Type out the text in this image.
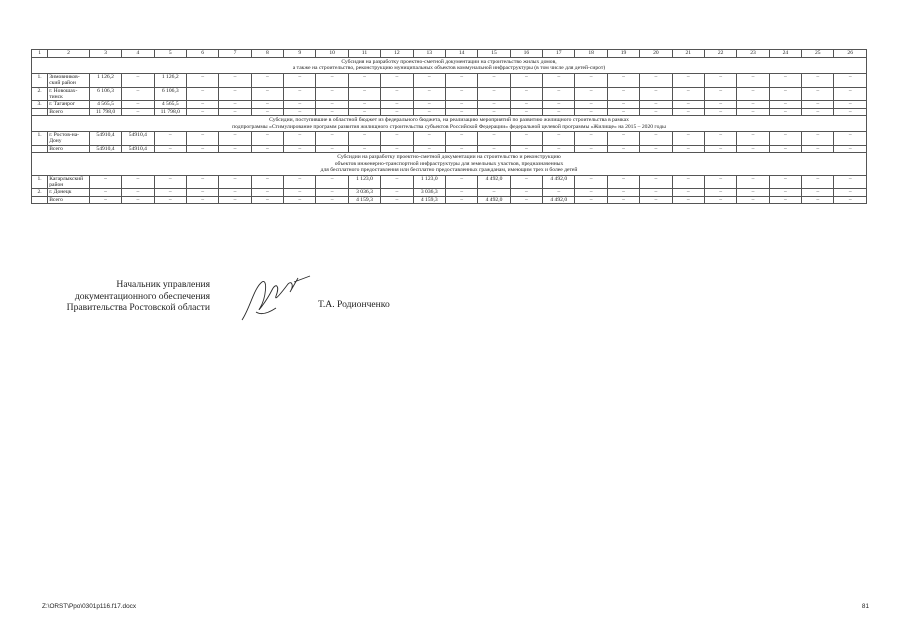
1	2	3	4	5	6	7	8	9	10	11	12	13	14	15	16	17	18	19	20	21	22	23	24	25	26

Субсидия на разработку проектно-сметной документации на строительство жилых домов,
а также на строительство, реконструкцию муниципальных объектов коммунальной инфраструктуры (в том числе для детей-сирот)																									

1.	Зимовников-ский район	1 126,2	–	1 126,2	–	–	–	–	–	–	–	–	–	–	–	–	–	–	–	–	–	–	–	–	–
2.	г. Новошах-тинск	6 106,3	–	6 106,3	–	–	–	–	–	–	–	–	–	–	–	–	–	–	–	–	–	–	–	–	–
3.	г. Таганрог	4 565,5	–	4 565,5	–	–	–	–	–	–	–	–	–	–	–	–	–	–	–	–	–	–	–	–	–
	Всего	11 798,0	–	11 798,0	–	–	–	–	–	–	–	–	–	–	–	–	–	–	–	–	–	–	–	–	–

Субсидии, поступившие в областной бюджет из федерального бюджета, на реализацию мероприятий по развитию жилищного строительства в рамках
подпрограммы «Стимулирование программ развития жилищного строительства субъектов Российской Федерации» федеральной целевой программы «Жилище» на 2015 – 2020 годы																									

1.	г. Ростов-на-Дону	54910,4	54910,4	–	–	–	–	–	–	–	–	–	–	–	–	–	–	–	–	–	–	–	–	–	–
	Всего	54910,4	54910,4	–	–	–	–	–	–	–	–	–	–	–	–	–	–	–	–	–	–	–	–	–	–

Субсидии на разработку проектно-сметной документации на строительство и реконструкцию
объектов инженерно-транспортной инфраструктуры для земельных участков, предназначенных
для бесплатного предоставления или бесплатно предоставленных гражданам, имеющим трех и более детей																									

1.	Кагарлыкский район	–	–	–	–	–	–	–	–	1 123,0	–	1 123,0	–	4 492,0	–	4 492,0	–	–	–	–	–	–	–	–	–
2.	г. Донецк	–	–	–	–	–	–	–	–	3 036,3	–	3 036,3	–	–	–	–	–	–	–	–	–	–	–	–	–
	Всего	–	–	–	–	–	–	–	–	4 159,3	–	4 159,3	–	4 492,0	–	4 492,0	–	–	–	–	–	–	–	–	–
Начальник управления
документационного обеспечения
Правительства Ростовской области	Т.А. Родионченко
Z:\ORST\Ppo\0301p116.f17.docx	81
